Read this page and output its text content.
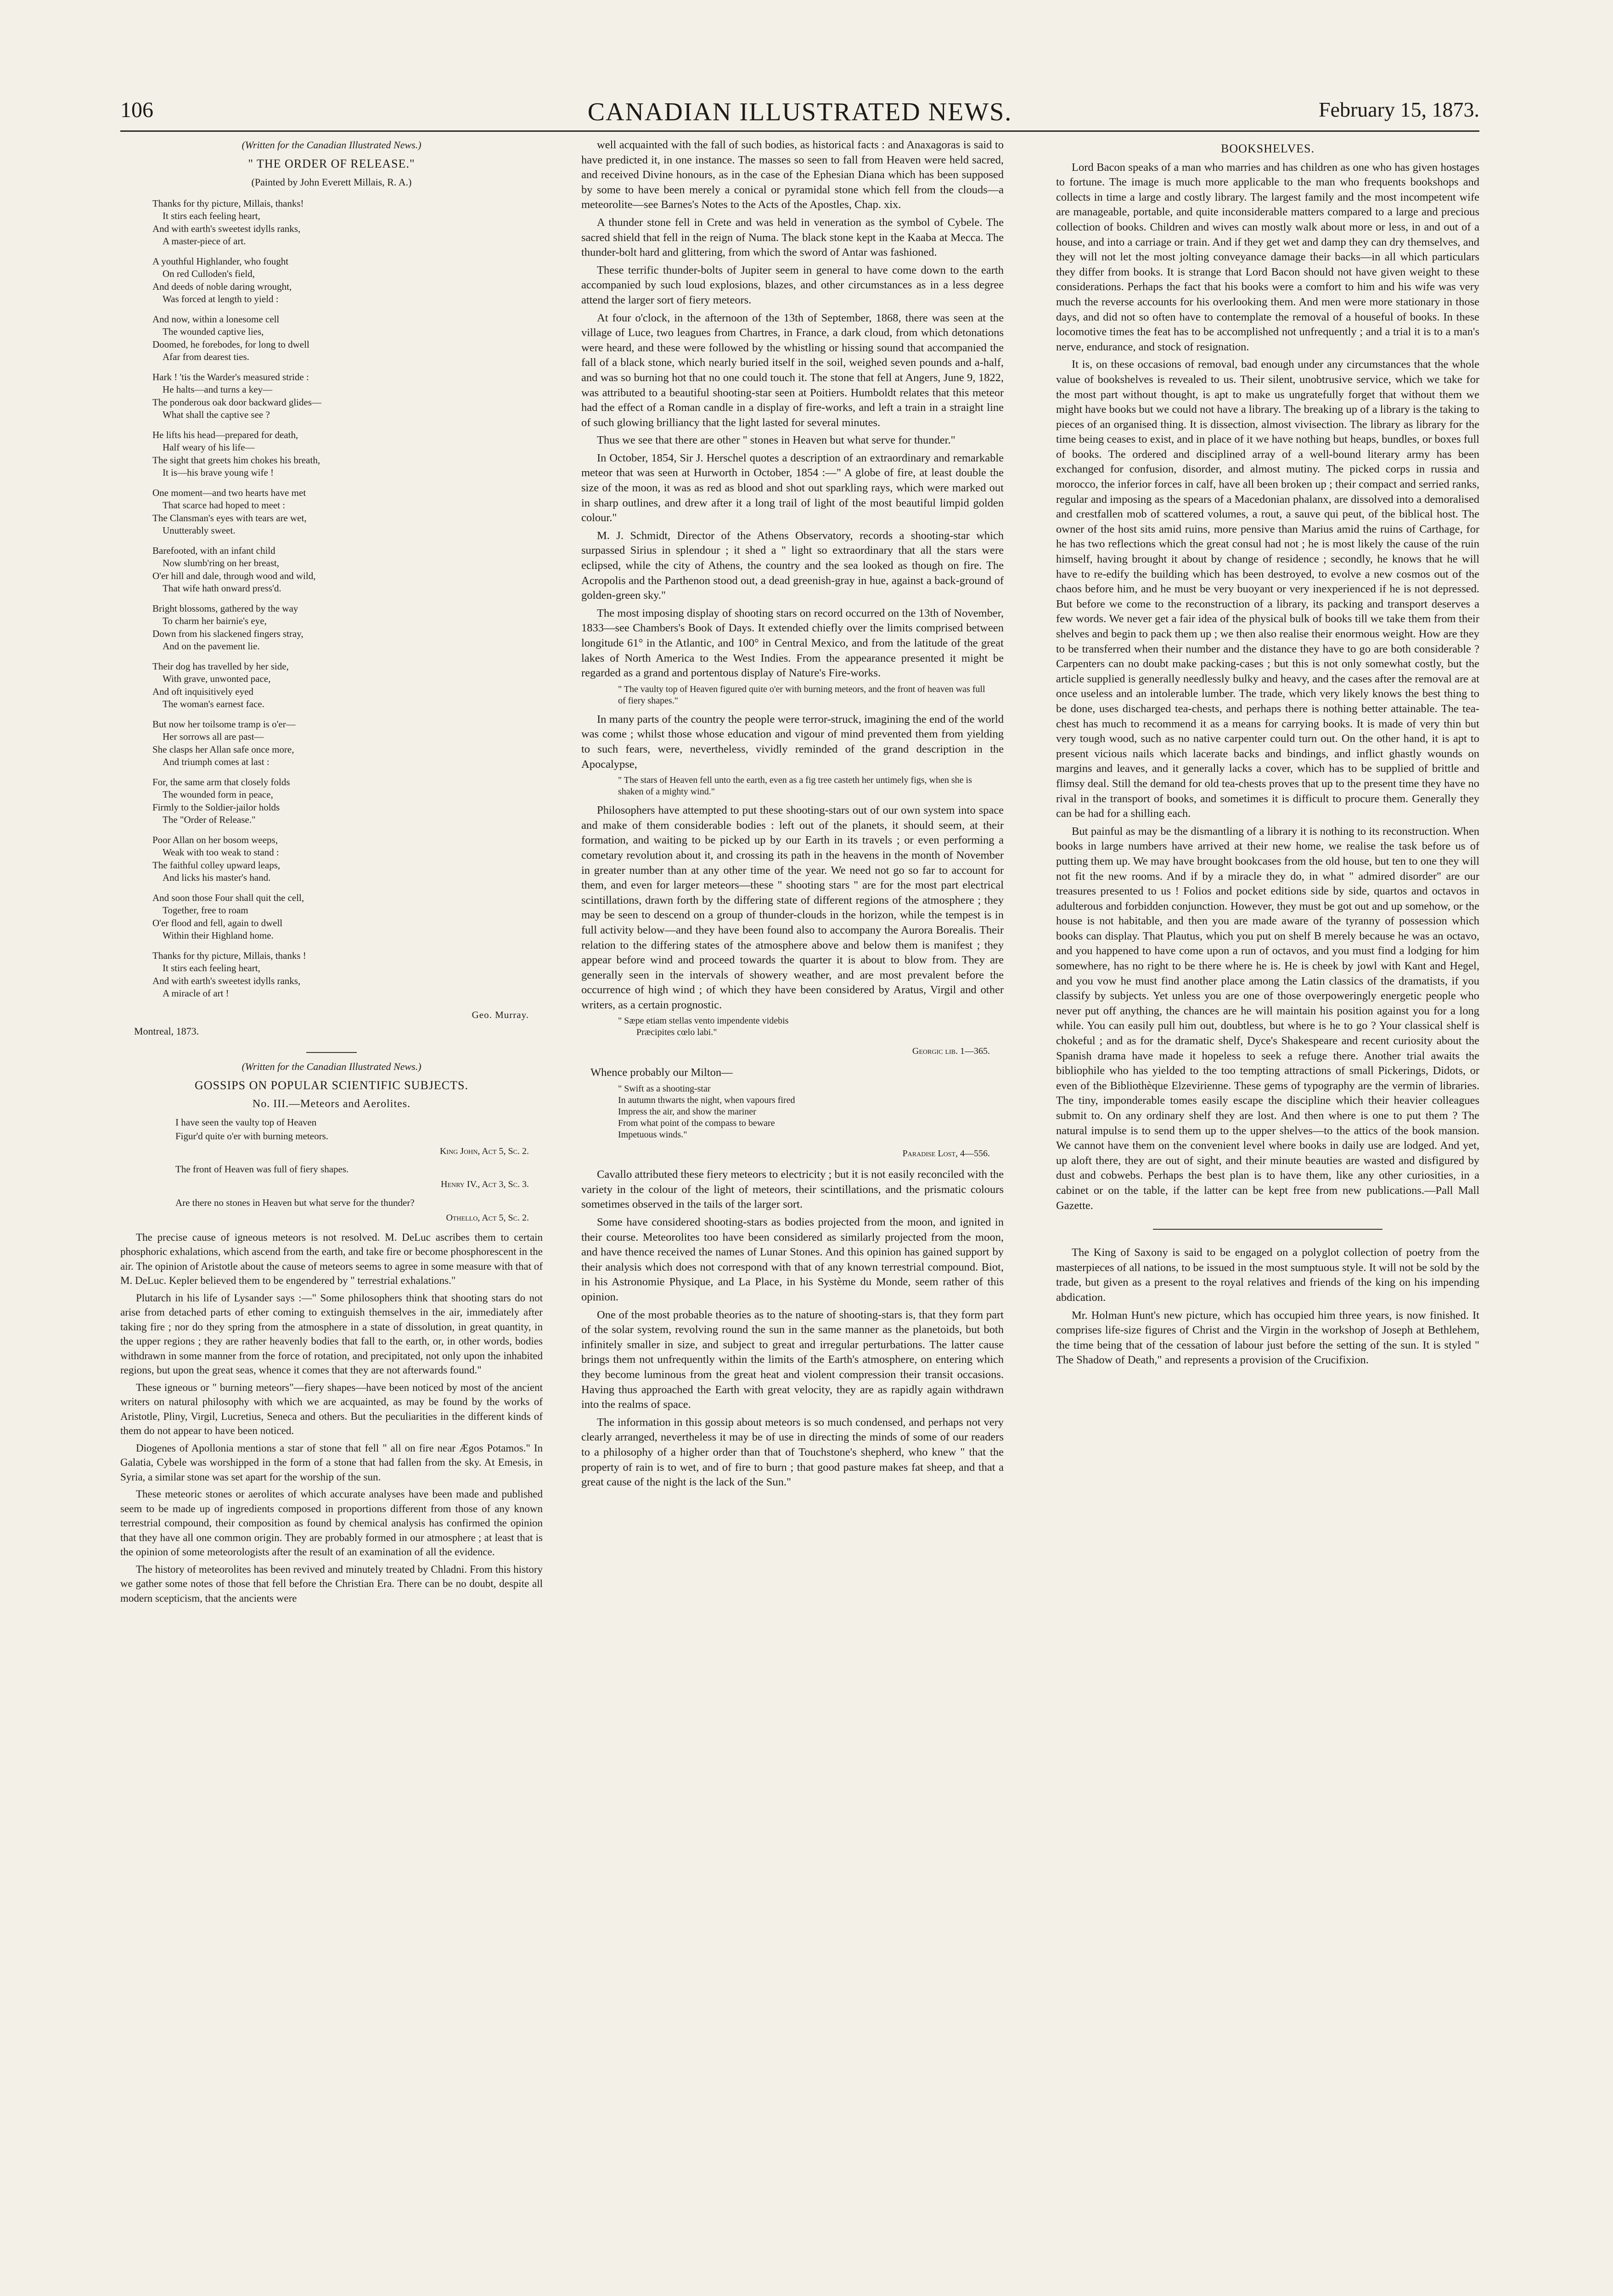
106	CANADIAN ILLUSTRATED NEWS.	February 15, 1873.
(Written for the Canadian Illustrated News.)
" THE ORDER OF RELEASE."
(Painted by John Everett Millais, R. A.)
Thanks for thy picture, Millais, thanks!
It stirs each feeling heart,
And with earth's sweetest idylls ranks,
A master-piece of art.
A youthful Highlander, who fought
On red Culloden's field,
And deeds of noble daring wrought,
Was forced at length to yield :
And now, within a lonesome cell
The wounded captive lies,
Doomed, he forebodes, for long to dwell
Afar from dearest ties.
Hark ! 'tis the Warder's measured stride :
He halts—and turns a key—
The ponderous oak door backward glides—
What shall the captive see ?
He lifts his head—prepared for death,
Half weary of his life—
The sight that greets him chokes his breath,
It is—his brave young wife !
One moment—and two hearts have met
That scarce had hoped to meet :
The Clansman's eyes with tears are wet,
Unutterably sweet.
Barefooted, with an infant child
Now slumb'ring on her breast,
O'er hill and dale, through wood and wild,
That wife hath onward press'd.
Bright blossoms, gathered by the way
To charm her bairnie's eye,
Down from his slackened fingers stray,
And on the pavement lie.
Their dog has travelled by her side,
With grave, unwonted pace,
And oft inquisitively eyed
The woman's earnest face.
But now her toilsome tramp is o'er—
Her sorrows all are past—
She clasps her Allan safe once more,
And triumph comes at last :
For, the same arm that closely folds
The wounded form in peace,
Firmly to the Soldier-jailor holds
The "Order of Release."
Poor Allan on her bosom weeps,
Weak with too weak to stand :
The faithful colley upward leaps,
And licks his master's hand.
And soon those Four shall quit the cell,
Together, free to roam
O'er flood and fell, again to dwell
Within their Highland home.
Thanks for thy picture, Millais, thanks !
It stirs each feeling heart,
And with earth's sweetest idylls ranks,
A miracle of art !
Geo. Murray.
Montreal, 1873.
(Written for the Canadian Illustrated News.)
GOSSIPS ON POPULAR SCIENTIFIC SUBJECTS.
No. III.—Meteors and Aerolites.
I have seen the vaulty top of Heaven
Figur'd quite o'er with burning meteors.
King John, Act 5, Sc. 2.
The front of Heaven was full of fiery shapes.
Henry IV., Act 3, Sc. 3.
Are there no stones in Heaven but what serve for the thunder?
Othello, Act 5, Sc. 2.

The precise cause of igneous meteors is not resolved. M. DeLuc ascribes them to certain phosphoric exhalations, which ascend from the earth, and take fire or become phosphorescent in the air. The opinion of Aristotle about the cause of meteors seems to agree in some measure with that of M. DeLuc. Kepler believed them to be engendered by " terrestrial exhalations."

Plutarch in his life of Lysander says :—" Some philosophers think that shooting stars do not arise from detached parts of ether coming to extinguish themselves in the air, immediately after taking fire ; nor do they spring from the atmosphere in a state of dissolution, in great quantity, in the upper regions ; they are rather heavenly bodies that fall to the earth, or, in other words, bodies withdrawn in some manner from the force of rotation, and precipitated, not only upon the inhabited regions, but upon the great seas, whence it comes that they are not afterwards found."

These igneous or " burning meteors"—fiery shapes—have been noticed by most of the ancient writers on natural philosophy with which we are acquainted, as may be found by the works of Aristotle, Pliny, Virgil, Lucretius, Seneca and others. But the peculiarities in the different kinds of them do not appear to have been noticed.

Diogenes of Apollonia mentions a star of stone that fell " all on fire near Ægos Potamos." In Galatia, Cybele was worshipped in the form of a stone that had fallen from the sky. At Emesis, in Syria, a similar stone was set apart for the worship of the sun.

These meteoric stones or aerolites of which accurate analyses have been made and published seem to be made up of ingredients composed in proportions different from those of any known terrestrial compound, their composition as found by chemical analysis has confirmed the opinion that they have all one common origin. They are probably formed in our atmosphere ; at least that is the opinion of some meteorologists after the result of an examination of all the evidence.

The history of meteorolites has been revived and minutely treated by Chladni. From this history we gather some notes of those that fell before the Christian Era. There can be no doubt, despite all modern scepticism, that the ancients were

well acquainted with the fall of such bodies, as historical facts : and Anaxagoras is said to have predicted it, in one instance. The masses so seen to fall from Heaven were held sacred, and received Divine honours, as in the case of the Ephesian Diana which has been supposed by some to have been merely a conical or pyramidal stone which fell from the clouds—a meteorolite—see Barnes's Notes to the Acts of the Apostles, Chap. xix.

A thunder stone fell in Crete and was held in veneration as the symbol of Cybele. The sacred shield that fell in the reign of Numa. The black stone kept in the Kaaba at Mecca. The thunder-bolt hard and glittering, from which the sword of Antar was fashioned.

These terrific thunder-bolts of Jupiter seem in general to have come down to the earth accompanied by such loud explosions, blazes, and other circumstances as in a less degree attend the larger sort of fiery meteors.

At four o'clock, in the afternoon of the 13th of September, 1868, there was seen at the village of Luce, two leagues from Chartres, in France, a dark cloud, from which detonations were heard, and these were followed by the whistling or hissing sound that accompanied the fall of a black stone, which nearly buried itself in the soil, weighed seven pounds and a-half, and was so burning hot that no one could touch it. The stone that fell at Angers, June 9, 1822, was attributed to a beautiful shooting-star seen at Poitiers. Humboldt relates that this meteor had the effect of a Roman candle in a display of fire-works, and left a train in a straight line of such glowing brilliancy that the light lasted for several minutes.

Thus we see that there are other " stones in Heaven but what serve for thunder."

In October, 1854, Sir J. Herschel quotes a description of an extraordinary and remarkable meteor that was seen at Hurworth in October, 1854 :—" A globe of fire, at least double the size of the moon, it was as red as blood and shot out sparkling rays, which were marked out in sharp outlines, and drew after it a long trail of light of the most beautiful limpid golden colour."

M. J. Schmidt, Director of the Athens Observatory, records a shooting-star which surpassed Sirius in splendour ; it shed a " light so extraordinary that all the stars were eclipsed, while the city of Athens, the country and the sea looked as though on fire. The Acropolis and the Parthenon stood out, a dead greenish-gray in hue, against a back-ground of golden-green sky."

The most imposing display of shooting stars on record occurred on the 13th of November, 1833—see Chambers's Book of Days. It extended chiefly over the limits comprised between longitude 61° in the Atlantic, and 100° in Central Mexico, and from the latitude of the great lakes of North America to the West Indies. From the appearance presented it might be regarded as a grand and portentous display of Nature's Fire-works.

" The vaulty top of Heaven figured quite o'er with burning meteors, and the front of heaven was full of fiery shapes."

In many parts of the country the people were terror-struck, imagining the end of the world was come ; whilst those whose education and vigour of mind prevented them from yielding to such fears, were, nevertheless, vividly reminded of the grand description in the Apocalypse,

" The stars of Heaven fell unto the earth, even as a fig tree casteth her untimely figs, when she is shaken of a mighty wind."

Philosophers have attempted to put these shooting-stars out of our own system into space and make of them considerable bodies : left out of the planets, it should seem, at their formation, and waiting to be picked up by our Earth in its travels ; or even performing a cometary revolution about it, and crossing its path in the heavens in the month of November in greater number than at any other time of the year. We need not go so far to account for them, and even for larger meteors—these " shooting stars " are for the most part electrical scintillations, drawn forth by the differing state of different regions of the atmosphere ; they may be seen to descend on a group of thunder-clouds in the horizon, while the tempest is in full activity below—and they have been found also to accompany the Aurora Borealis. Their relation to the differing states of the atmosphere above and below them is manifest ; they appear before wind and proceed towards the quarter it is about to blow from. They are generally seen in the intervals of showery weather, and are most prevalent before the occurrence of high wind ; of which they have been considered by Aratus, Virgil and other writers, as a certain prognostic.

" Sæpe etiam stellas vento impendente videbis
Præcipites cœlo labi."
Georgic lib. 1—365.
Whence probably our Milton—
" Swift as a shooting-star
In autumn thwarts the night, when vapours fired
Impress the air, and show the mariner
From what point of the compass to beware
Impetuous winds."
Paradise Lost, 4—556.

Cavallo attributed these fiery meteors to electricity ; but it is not easily reconciled with the variety in the colour of the light of meteors, their scintillations, and the prismatic colours sometimes observed in the tails of the larger sort.

Some have considered shooting-stars as bodies projected from the moon, and ignited in their course. Meteorolites too have been considered as similarly projected from the moon, and have thence received the names of Lunar Stones. And this opinion has gained support by their analysis which does not correspond with that of any known terrestrial compound. Biot, in his Astronomie Physique, and La Place, in his Système du Monde, seem rather of this opinion.

One of the most probable theories as to the nature of shooting-stars is, that they form part of the solar system, revolving round the sun in the same manner as the planetoids, but both infinitely smaller in size, and subject to great and irregular perturbations. The latter cause brings them not unfrequently within the limits of the Earth's atmosphere, on entering which they become luminous from the great heat and violent compression their transit occasions. Having thus approached the Earth with great velocity, they are as rapidly again withdrawn into the realms of space.

The information in this gossip about meteors is so much condensed, and perhaps not very clearly arranged, nevertheless it may be of use in directing the minds of some of our readers to a philosophy of a higher order than that of Touchstone's shepherd, who knew " that the property of rain is to wet, and of fire to burn ; that good pasture makes fat sheep, and that a great cause of the night is the lack of the Sun."

BOOKSHELVES.

Lord Bacon speaks of a man who marries and has children as one who has given hostages to fortune. The image is much more applicable to the man who frequents bookshops and collects in time a large and costly library. The largest family and the most incompetent wife are manageable, portable, and quite inconsiderable matters compared to a large and precious collection of books. Children and wives can mostly walk about more or less, in and out of a house, and into a carriage or train. And if they get wet and damp they can dry themselves, and they will not let the most jolting conveyance damage their backs—in all which particulars they differ from books. It is strange that Lord Bacon should not have given weight to these considerations. Perhaps the fact that his books were a comfort to him and his wife was very much the reverse accounts for his overlooking them. And men were more stationary in those days, and did not so often have to contemplate the removal of a houseful of books. In these locomotive times the feat has to be accomplished not unfrequently ; and a trial it is to a man's nerve, endurance, and stock of resignation.

It is, on these occasions of removal, bad enough under any circumstances that the whole value of bookshelves is revealed to us. Their silent, unobtrusive service, which we take for the most part without thought, is apt to make us ungratefully forget that without them we might have books but we could not have a library. The breaking up of a library is the taking to pieces of an organised thing. It is dissection, almost vivisection. The library as library for the time being ceases to exist, and in place of it we have nothing but heaps, bundles, or boxes full of books. The ordered and disciplined array of a well-bound literary army has been exchanged for confusion, disorder, and almost mutiny. The picked corps in russia and morocco, the inferior forces in calf, have all been broken up ; their compact and serried ranks, regular and imposing as the spears of a Macedonian phalanx, are dissolved into a demoralised and crestfallen mob of scattered volumes, a rout, a sauve qui peut, of the biblical host. The owner of the host sits amid ruins, more pensive than Marius amid the ruins of Carthage, for he has two reflections which the great consul had not ; he is most likely the cause of the ruin himself, having brought it about by change of residence ; secondly, he knows that he will have to re-edify the building which has been destroyed, to evolve a new cosmos out of the chaos before him, and he must be very buoyant or very inexperienced if he is not depressed. But before we come to the reconstruction of a library, its packing and transport deserves a few words. We never get a fair idea of the physical bulk of books till we take them from their shelves and begin to pack them up ; we then also realise their enormous weight. How are they to be transferred when their number and the distance they have to go are both considerable ? Carpenters can no doubt make packing-cases ; but this is not only somewhat costly, but the article supplied is generally needlessly bulky and heavy, and the cases after the removal are at once useless and an intolerable lumber. The trade, which very likely knows the best thing to be done, uses discharged tea-chests, and perhaps there is nothing better attainable. The tea-chest has much to recommend it as a means for carrying books. It is made of very thin but very tough wood, such as no native carpenter could turn out. On the other hand, it is apt to present vicious nails which lacerate backs and bindings, and inflict ghastly wounds on margins and leaves, and it generally lacks a cover, which has to be supplied of brittle and flimsy deal. Still the demand for old tea-chests proves that up to the present time they have no rival in the transport of books, and sometimes it is difficult to procure them. Generally they can be had for a shilling each.

But painful as may be the dismantling of a library it is nothing to its reconstruction. When books in large numbers have arrived at their new home, we realise the task before us of putting them up. We may have brought bookcases from the old house, but ten to one they will not fit the new rooms. And if by a miracle they do, in what " admired disorder" are our treasures presented to us ! Folios and pocket editions side by side, quartos and octavos in adulterous and forbidden conjunction. However, they must be got out and up somehow, or the house is not habitable, and then you are made aware of the tyranny of possession which books can display. That Plautus, which you put on shelf B merely because he was an octavo, and you happened to have come upon a run of octavos, and you must find a lodging for him somewhere, has no right to be there where he is. He is cheek by jowl with Kant and Hegel, and you vow he must find another place among the Latin classics of the dramatists, if you classify by subjects. Yet unless you are one of those overpoweringly energetic people who never put off anything, the chances are he will maintain his position against you for a long while. You can easily pull him out, doubtless, but where is he to go ? Your classical shelf is chokeful ; and as for the dramatic shelf, Dyce's Shakespeare and recent curiosity about the Spanish drama have made it hopeless to seek a refuge there. Another trial awaits the bibliophile who has yielded to the too tempting attractions of small Pickerings, Didots, or even of the Bibliothèque Elzevirienne. These gems of typography are the vermin of libraries. The tiny, imponderable tomes easily escape the discipline which their heavier colleagues submit to. On any ordinary shelf they are lost. And then where is one to put them ? The natural impulse is to send them up to the upper shelves—to the attics of the book mansion. We cannot have them on the convenient level where books in daily use are lodged. And yet, up aloft there, they are out of sight, and their minute beauties are wasted and disfigured by dust and cobwebs. Perhaps the best plan is to have them, like any other curiosities, in a cabinet or on the table, if the latter can be kept free from new publications.—Pall Mall Gazette.

The King of Saxony is said to be engaged on a polyglot collection of poetry from the masterpieces of all nations, to be issued in the most sumptuous style. It will not be sold by the trade, but given as a present to the royal relatives and friends of the king on his impending abdication.

Mr. Holman Hunt's new picture, which has occupied him three years, is now finished. It comprises life-size figures of Christ and the Virgin in the workshop of Joseph at Bethlehem, the time being that of the cessation of labour just before the setting of the sun. It is styled " The Shadow of Death," and represents a provision of the Crucifixion.
